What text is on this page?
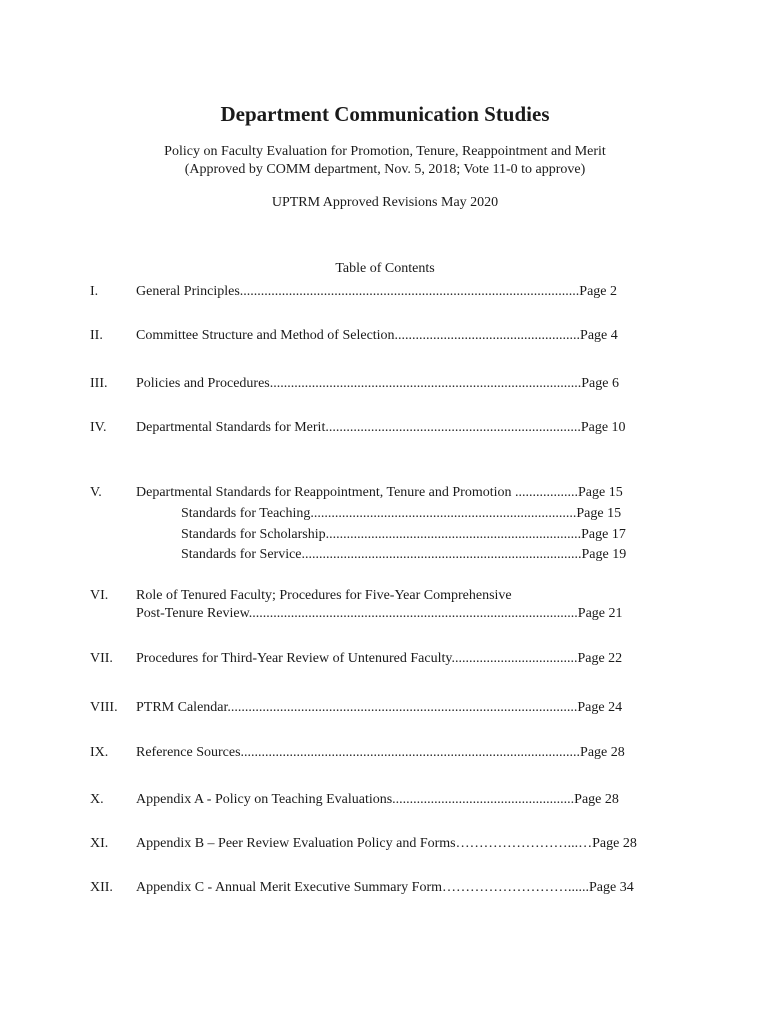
Department Communication Studies
Policy on Faculty Evaluation for Promotion, Tenure, Reappointment and Merit
(Approved by COMM department, Nov. 5, 2018; Vote 11-0 to approve)
UPTRM Approved Revisions May 2020
Table of Contents
I.	General Principles.................................................................................................Page 2
II. Committee Structure and Method of Selection.....................................................Page 4
III. Policies and Procedures.........................................................................................Page 6
IV. Departmental Standards for Merit.........................................................................Page 10
V. Departmental Standards for Reappointment, Tenure and Promotion ..................Page 15
Standards for Teaching............................................................................Page 15
Standards for Scholarship.........................................................................Page 17
Standards for Service................................................................................Page 19
VI. Role of Tenured Faculty; Procedures for Five-Year Comprehensive
Post-Tenure Review..............................................................................................Page 21
VII. Procedures for Third-Year Review of Untenured Faculty....................................Page 22
VIII. PTRM Calendar....................................................................................................Page 24
IX. Reference Sources.................................................................................................Page 28
X. Appendix A - Policy on Teaching Evaluations....................................................Page 28
XI. Appendix B – Peer Review Evaluation Policy and Forms……………………...…Page 28
XII. Appendix C - Annual Merit Executive Summary Form………………………......Page 34
